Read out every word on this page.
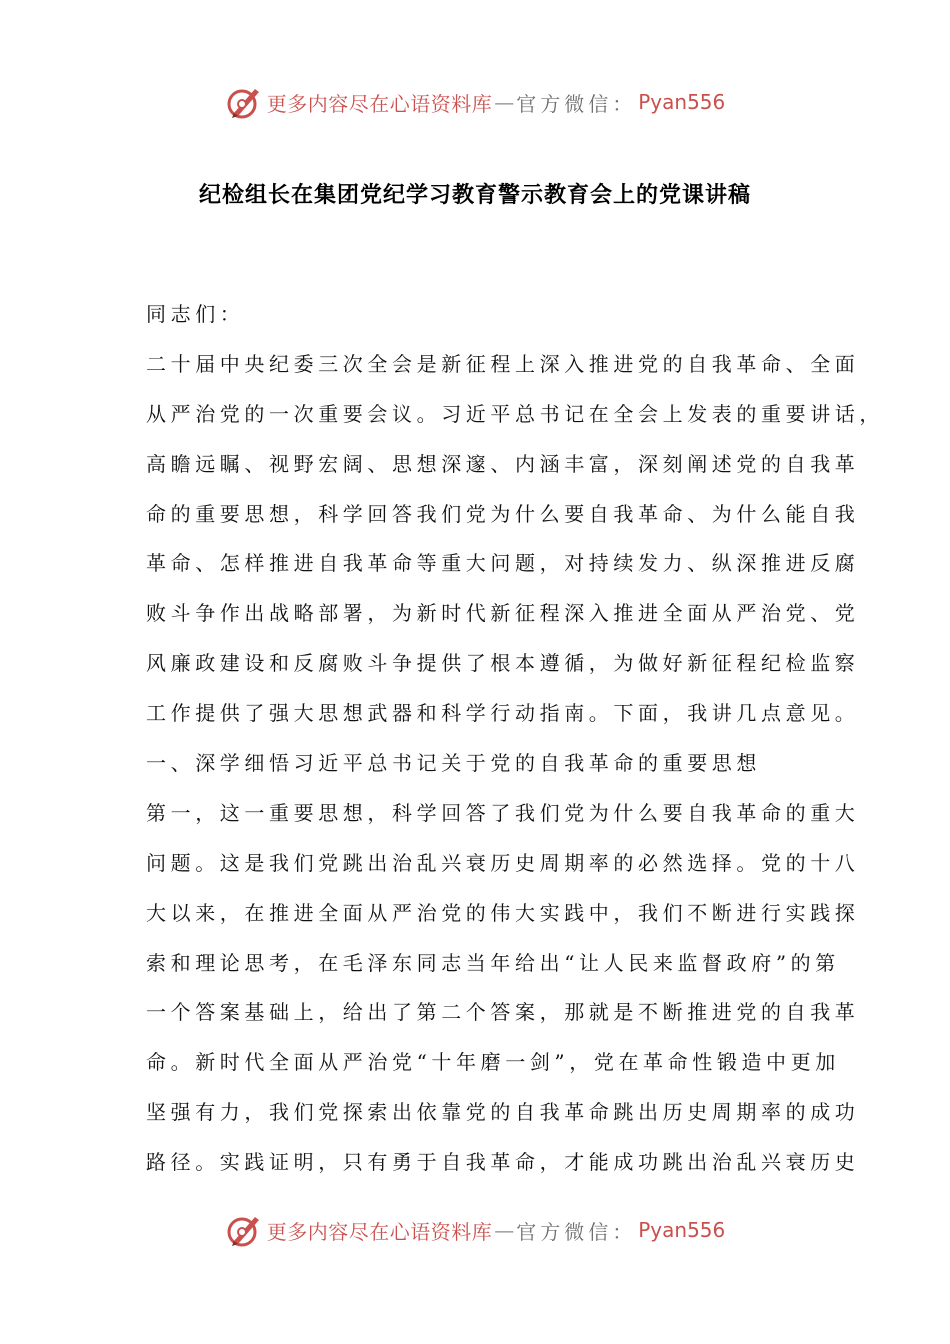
更多内容尽在心语资料库 — 官方微信： Pyan556
纪检组长在集团党纪学习教育警示教育会上的党课讲稿
同志们：
二十届中央纪委三次全会是新征程上深入推进党的自我革命、全面
从严治党的一次重要会议。习近平总书记在全会上发表的重要讲话，
高瞻远瞩、视野宏阔、思想深邃、内涵丰富，深刻阐述党的自我革
命的重要思想，科学回答我们党为什么要自我革命、为什么能自我
革命、怎样推进自我革命等重大问题，对持续发力、纵深推进反腐
败斗争作出战略部署，为新时代新征程深入推进全面从严治党、党
风廉政建设和反腐败斗争提供了根本遵循，为做好新征程纪检监察
工作提供了强大思想武器和科学行动指南。下面，我讲几点意见。
一、深学细悟习近平总书记关于党的自我革命的重要思想
第一，这一重要思想，科学回答了我们党为什么要自我革命的重大
问题。这是我们党跳出治乱兴衰历史周期率的必然选择。党的十八
大以来，在推进全面从严治党的伟大实践中，我们不断进行实践探
索和理论思考，在毛泽东同志当年给出“让人民来监督政府”的第
一个答案基础上，给出了第二个答案，那就是不断推进党的自我革
命。新时代全面从严治党“十年磨一剑”，党在革命性锻造中更加
坚强有力，我们党探索出依靠党的自我革命跳出历史周期率的成功
路径。实践证明，只有勇于自我革命，才能成功跳出治乱兴衰历史
更多内容尽在心语资料库 — 官方微信： Pyan556
